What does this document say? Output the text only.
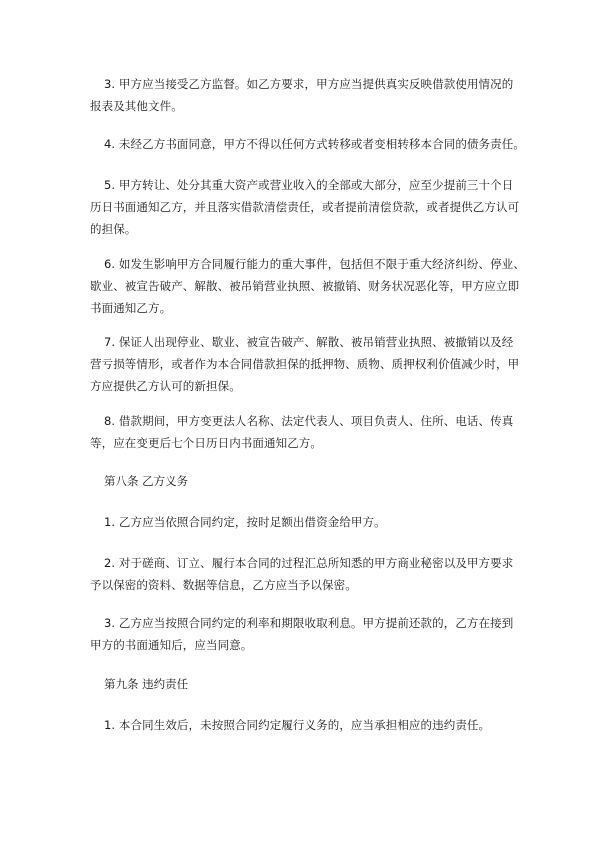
3. 甲方应当接受乙方监督。如乙方要求，甲方应当提供真实反映借款使用情况的
报表及其他文件。
4. 未经乙方书面同意，甲方不得以任何方式转移或者变相转移本合同的债务责任。
5. 甲方转让、处分其重大资产或营业收入的全部或大部分，应至少提前三十个日
历日书面通知乙方，并且落实借款清偿责任，或者提前清偿贷款，或者提供乙方认可
的担保。
6. 如发生影响甲方合同履行能力的重大事件，包括但不限于重大经济纠纷、停业、
歇业、被宣告破产、解散、被吊销营业执照、被撤销、财务状况恶化等，甲方应立即
书面通知乙方。
7. 保证人出现停业、歇业、被宣告破产、解散、被吊销营业执照、被撤销以及经
营亏损等情形，或者作为本合同借款担保的抵押物、质物、质押权利价值减少时，甲
方应提供乙方认可的新担保。
8. 借款期间，甲方变更法人名称、法定代表人、项目负责人、住所、电话、传真
等，应在变更后七个日历日内书面通知乙方。
第八条 乙方义务
1. 乙方应当依照合同约定，按时足额出借资金给甲方。
2. 对于磋商、订立、履行本合同的过程汇总所知悉的甲方商业秘密以及甲方要求
予以保密的资料、数据等信息，乙方应当予以保密。
3. 乙方应当按照合同约定的利率和期限收取利息。甲方提前还款的，乙方在接到
甲方的书面通知后，应当同意。
第九条 违约责任
1. 本合同生效后，未按照合同约定履行义务的，应当承担相应的违约责任。
